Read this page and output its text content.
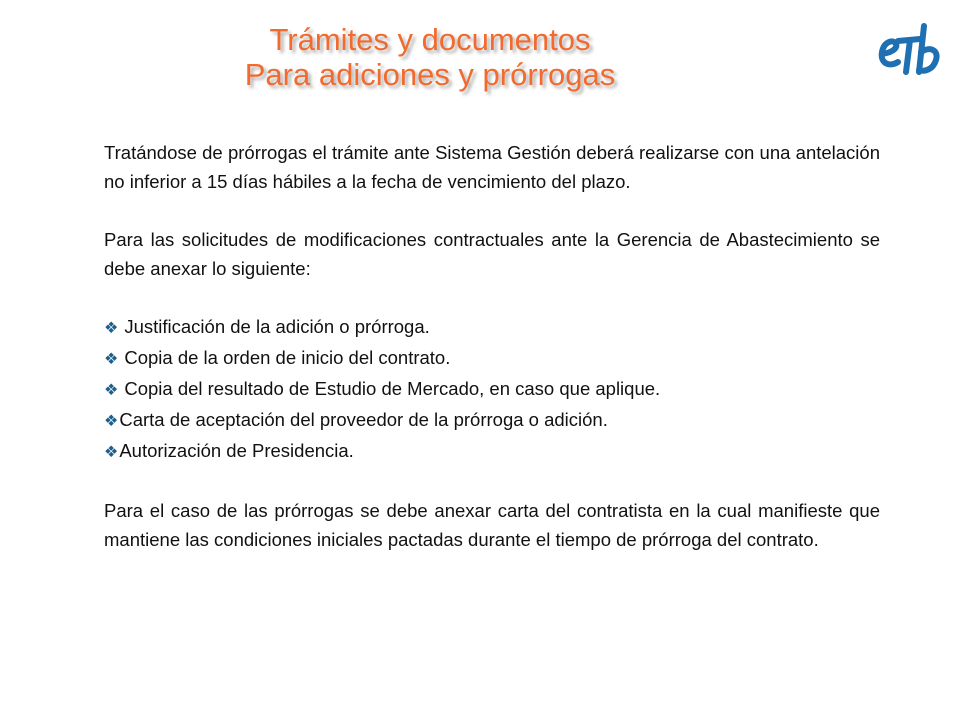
Trámites y documentos
Para adiciones y prórrogas

Tratándose de prórrogas el trámite ante Sistema Gestión deberá realizarse con una antelación no inferior a 15 días hábiles a la fecha de vencimiento del plazo.

Para las solicitudes de modificaciones contractuales ante la Gerencia de Abastecimiento se debe anexar lo siguiente:

❖ Justificación de la adición o prórroga.
❖ Copia de la orden de inicio del contrato.
❖ Copia del resultado de Estudio de Mercado, en caso que aplique.
❖Carta de aceptación del proveedor de la prórroga o adición.
❖Autorización de Presidencia.

Para el caso de las prórrogas se debe anexar carta del contratista en la cual manifieste que mantiene las condiciones iniciales pactadas durante el tiempo de prórroga del contrato.
